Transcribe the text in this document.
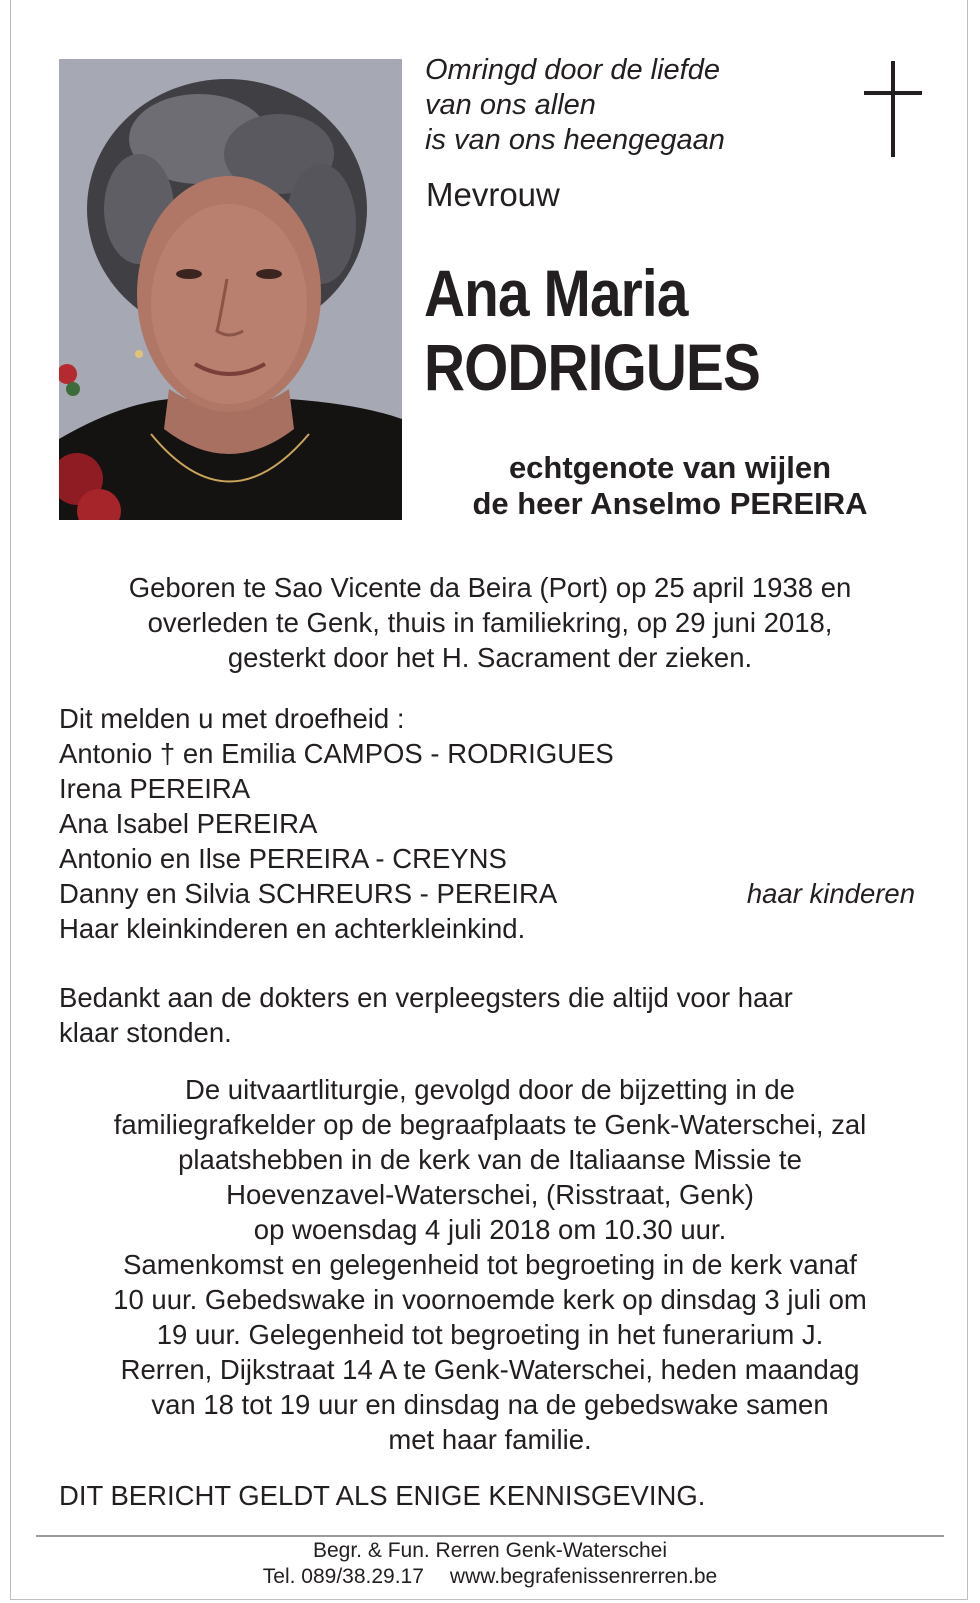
Omringd door de liefde
van ons allen
is van ons heengegaan
Mevrouw
Ana Maria
RODRIGUES
echtgenote van wijlen
de heer Anselmo PEREIRA
Geboren te Sao Vicente da Beira (Port) op 25 april 1938 en
overleden te Genk, thuis in familiekring, op 29 juni 2018,
gesterkt door het H. Sacrament der zieken.
Dit melden u met droefheid :
Antonio † en Emilia CAMPOS - RODRIGUES
Irena PEREIRA
Ana Isabel PEREIRA
Antonio en Ilse PEREIRA - CREYNS
Danny en Silvia SCHREURS - PEREIRA	haar kinderen
Haar kleinkinderen en achterkleinkind.
Bedankt aan de dokters en verpleegsters die altijd voor haar
klaar stonden.
De uitvaartliturgie, gevolgd door de bijzetting in de
familiegrafkelder op de begraafplaats te Genk-Waterschei, zal
plaatshebben in de kerk van de Italiaanse Missie te
Hoevenzavel-Waterschei, (Risstraat, Genk)
op woensdag 4 juli 2018 om 10.30 uur.
Samenkomst en gelegenheid tot begroeting in de kerk vanaf
10 uur. Gebedswake in voornoemde kerk op dinsdag 3 juli om
19 uur. Gelegenheid tot begroeting in het funerarium J.
Rerren, Dijkstraat 14 A te Genk-Waterschei, heden maandag
van 18 tot 19 uur en dinsdag na de gebedswake samen
met haar familie.
DIT BERICHT GELDT ALS ENIGE KENNISGEVING.
Begr. & Fun. Rerren Genk-Waterschei
Tel. 089/38.29.17 www.begrafenissenrerren.be
